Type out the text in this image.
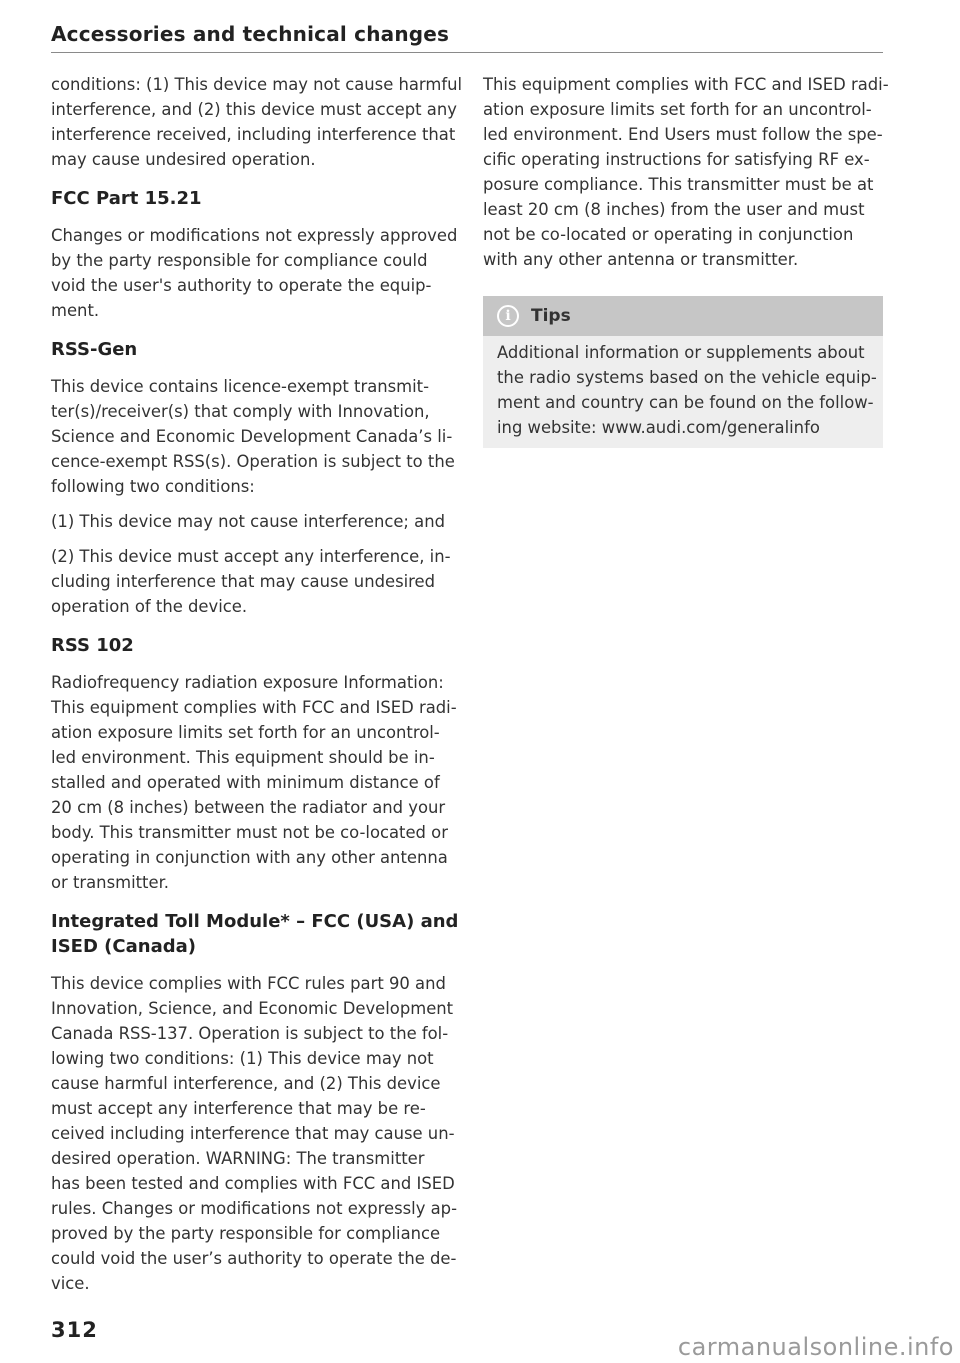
Accessories and technical changes
conditions: (1) This device may not cause harmful
interference, and (2) this device must accept any
interference received, including interference that
may cause undesired operation.
FCC Part 15.21
Changes or modifications not expressly approved
by the party responsible for compliance could
void the user's authority to operate the equip-
ment.
RSS-Gen
This device contains licence-exempt transmit-
ter(s)/receiver(s) that comply with Innovation,
Science and Economic Development Canada’s li-
cence-exempt RSS(s). Operation is subject to the
following two conditions:
(1) This device may not cause interference; and
(2) This device must accept any interference, in-
cluding interference that may cause undesired
operation of the device.
RSS 102
Radiofrequency radiation exposure Information:
This equipment complies with FCC and ISED radi-
ation exposure limits set forth for an uncontrol-
led environment. This equipment should be in-
stalled and operated with minimum distance of
20 cm (8 inches) between the radiator and your
body. This transmitter must not be co-located or
operating in conjunction with any other antenna
or transmitter.
Integrated Toll Module* – FCC (USA) and
ISED (Canada)
This device complies with FCC rules part 90 and
Innovation, Science, and Economic Development
Canada RSS-137. Operation is subject to the fol-
lowing two conditions: (1) This device may not
cause harmful interference, and (2) This device
must accept any interference that may be re-
ceived including interference that may cause un-
desired operation. WARNING: The transmitter
has been tested and complies with FCC and ISED
rules. Changes or modifications not expressly ap-
proved by the party responsible for compliance
could void the user’s authority to operate the de-
vice.
This equipment complies with FCC and ISED radi-
ation exposure limits set forth for an uncontrol-
led environment. End Users must follow the spe-
cific operating instructions for satisfying RF ex-
posure compliance. This transmitter must be at
least 20 cm (8 inches) from the user and must
not be co-located or operating in conjunction
with any other antenna or transmitter.
i	Tips
Additional information or supplements about
the radio systems based on the vehicle equip-
ment and country can be found on the follow-
ing website: www.audi.com/generalinfo
312
carmanualsonline.info
